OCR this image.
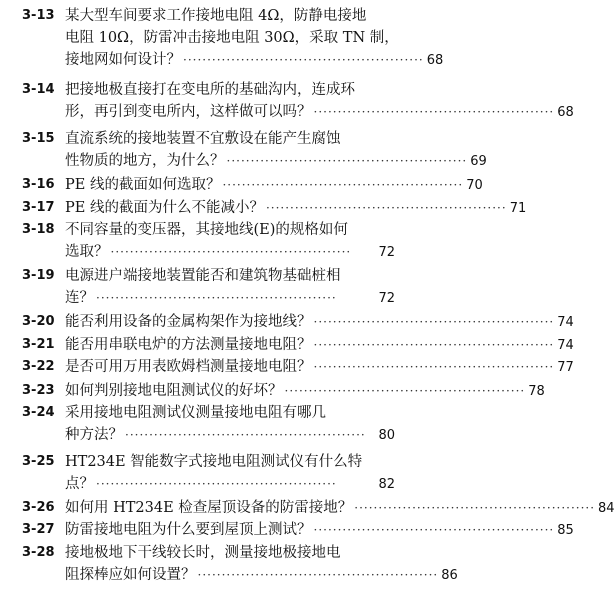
3-13 某大型车间要求工作接地电阻 4Ω，防静电接地
电阻 10Ω，防雷冲击接地电阻 30Ω，采取 TN 制，
接地网如何设计？ ·················································· 68
3-14 把接地极直接打在变电所的基础沟内，连成环
形，再引到变电所内，这样做可以吗？ ·················································· 68
3-15 直流系统的接地装置不宜敷设在能产生腐蚀
性物质的地方，为什么？ ·················································· 69
3-16 PE 线的截面如何选取？ ·················································· 70
3-17 PE 线的截面为什么不能减小？ ·················································· 71
3-18 不同容量的变压器，其接地线(E)的规格如何
选取？ ··················································	72
3-19 电源进户端接地装置能否和建筑物基础桩相
连？ ··················································	72
3-20 能否利用设备的金属构架作为接地线？ ·················································· 74
3-21 能否用串联电炉的方法测量接地电阻？ ·················································· 74
3-22 是否可用万用表欧姆档测量接地电阻？ ·················································· 77
3-23 如何判别接地电阻测试仪的好坏？ ·················································· 78
3-24 采用接地电阻测试仪测量接地电阻有哪几
种方法？ ·················································· 80
3-25 HT234E 智能数字式接地电阻测试仪有什么特
点？ ··················································	82
3-26 如何用 HT234E 检查屋顶设备的防雷接地？ ·················································· 84
3-27 防雷接地电阻为什么要到屋顶上测试？ ·················································· 85
3-28 接地极地下干线较长时，测量接地极接地电
阻探棒应如何设置？ ·················································· 86
